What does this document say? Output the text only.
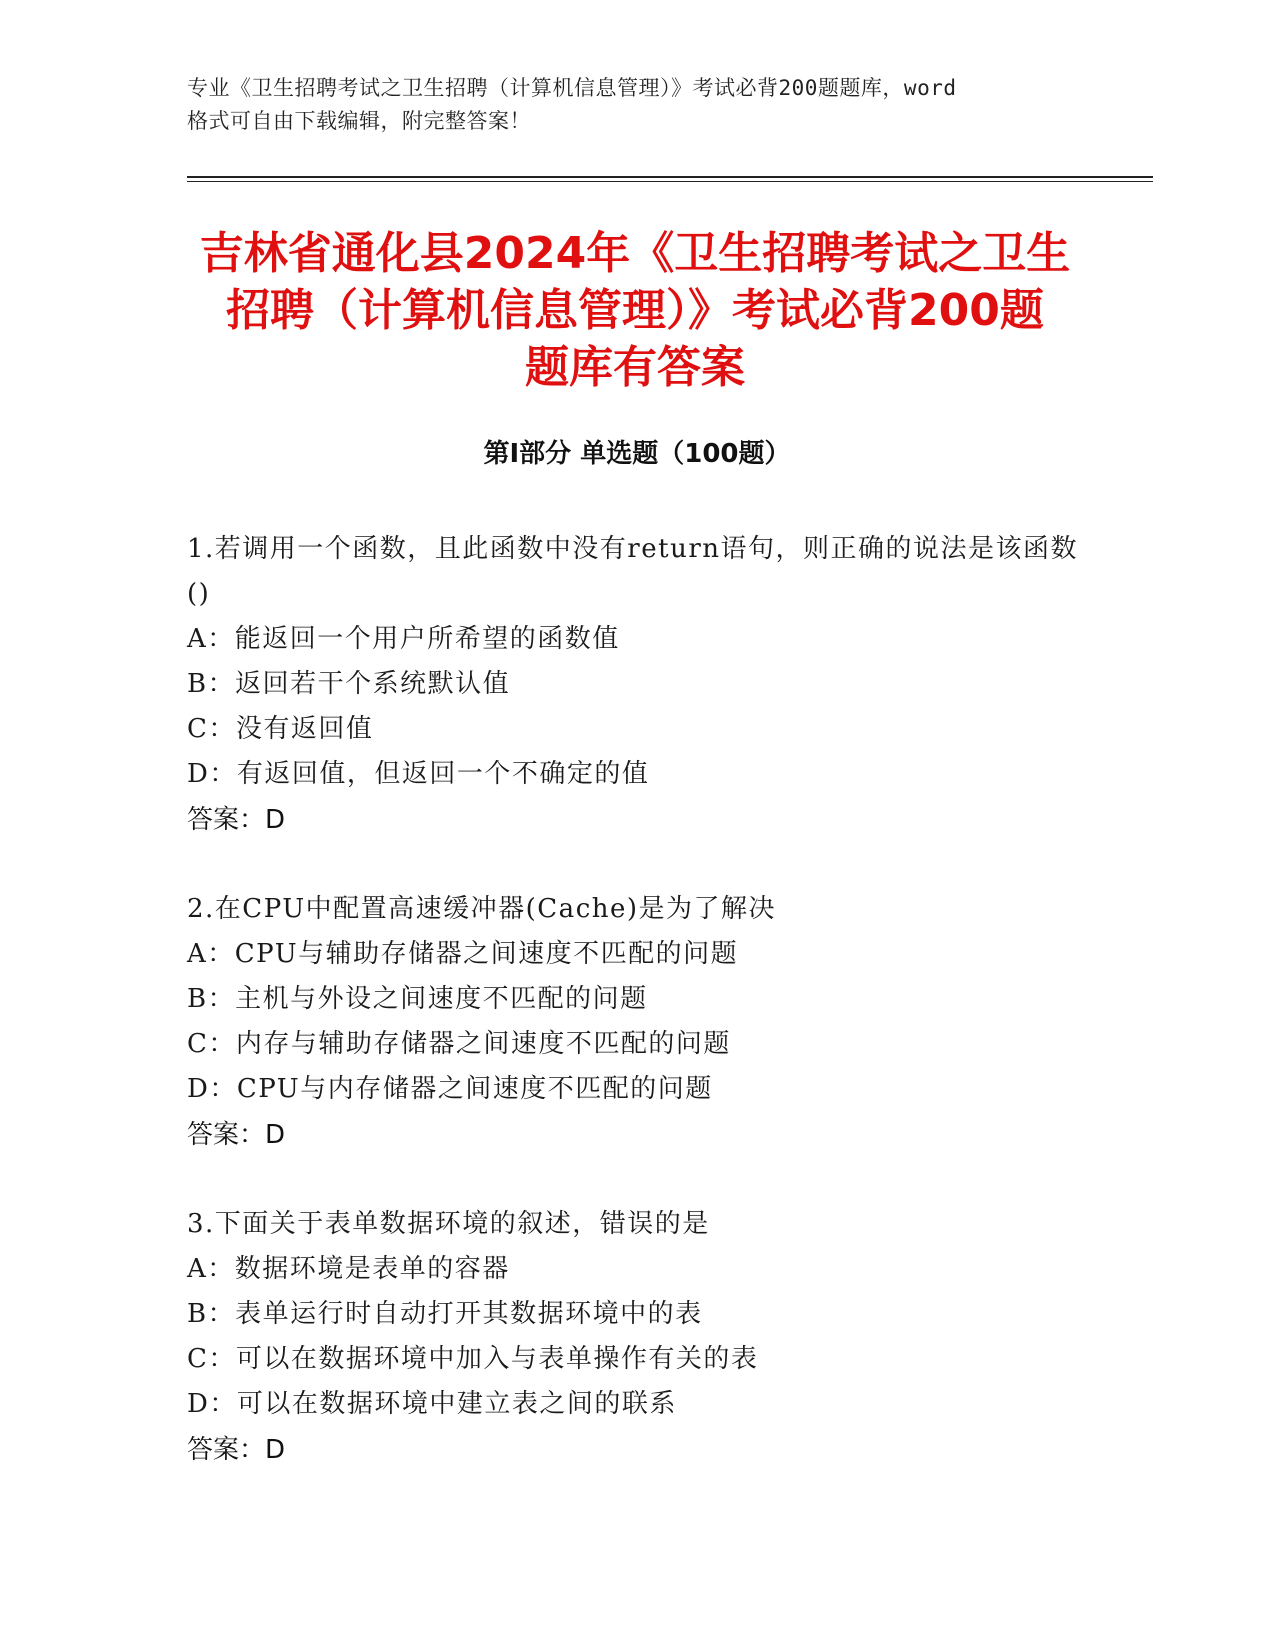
专业《卫生招聘考试之卫生招聘（计算机信息管理）》考试必背200题题库，word
格式可自由下载编辑，附完整答案！
吉林省通化县2024年《卫生招聘考试之卫生
招聘（计算机信息管理）》考试必背200题
题库有答案
第Ⅰ部分 单选题（100题）
1.若调用一个函数，且此函数中没有return语句，则正确的说法是该函数()
A：能返回一个用户所希望的函数值
B：返回若干个系统默认值
C：没有返回值
D：有返回值，但返回一个不确定的值
答案：D
2.在CPU中配置高速缓冲器(Cache)是为了解决
A：CPU与辅助存储器之间速度不匹配的问题
B：主机与外设之间速度不匹配的问题
C：内存与辅助存储器之间速度不匹配的问题
D：CPU与内存储器之间速度不匹配的问题
答案：D
3.下面关于表单数据环境的叙述，错误的是
A：数据环境是表单的容器
B：表单运行时自动打开其数据环境中的表
C：可以在数据环境中加入与表单操作有关的表
D：可以在数据环境中建立表之间的联系
答案：D
